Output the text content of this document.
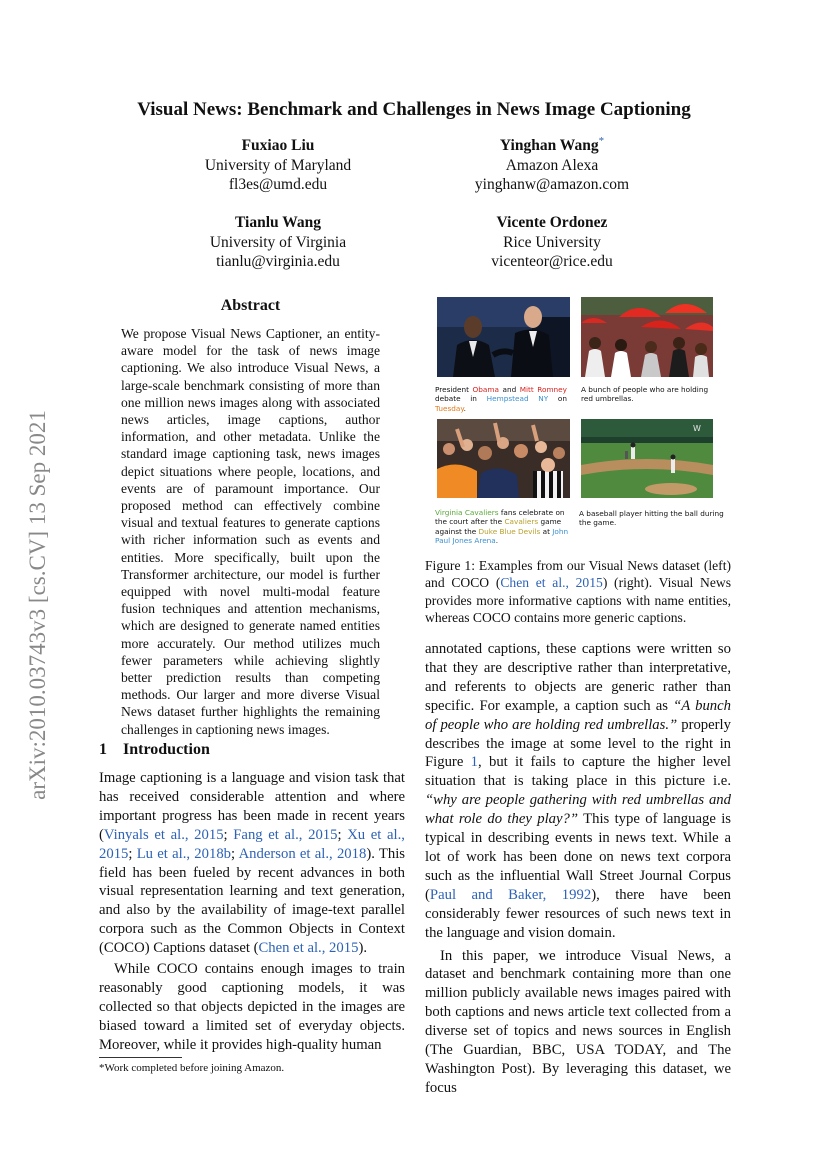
Visual News: Benchmark and Challenges in News Image Captioning
Fuxiao Liu
University of Maryland
fl3es@umd.edu
Yinghan Wang*
Amazon Alexa
yinghanw@amazon.com
Tianlu Wang
University of Virginia
tianlu@virginia.edu
Vicente Ordonez
Rice University
vicenteor@rice.edu
arXiv:2010.03743v3 [cs.CV] 13 Sep 2021
Abstract
We propose Visual News Captioner, an entity-aware model for the task of news image captioning. We also introduce Visual News, a large-scale benchmark consisting of more than one million news images along with associated news articles, image captions, author information, and other metadata. Unlike the standard image captioning task, news images depict situations where people, locations, and events are of paramount importance. Our proposed method can effectively combine visual and textual features to generate captions with richer information such as events and entities. More specifically, built upon the Transformer architecture, our model is further equipped with novel multi-modal feature fusion techniques and attention mechanisms, which are designed to generate named entities more accurately. Our method utilizes much fewer parameters while achieving slightly better prediction results than competing methods. Our larger and more diverse Visual News dataset further highlights the remaining challenges in captioning news images.
1 Introduction

Image captioning is a language and vision task that has received considerable attention and where important progress has been made in recent years (Vinyals et al., 2015; Fang et al., 2015; Xu et al., 2015; Lu et al., 2018b; Anderson et al., 2018). This field has been fueled by recent advances in both visual representation learning and text generation, and also by the availability of image-text parallel corpora such as the Common Objects in Context (COCO) Captions dataset (Chen et al., 2015).

While COCO contains enough images to train reasonably good captioning models, it was collected so that objects depicted in the images are biased toward a limited set of everyday objects. Moreover, while it provides high-quality human

*Work completed before joining Amazon.
W
President Obama and Mitt Romney debate in Hempstead NY on Tuesday.
A bunch of people who are holding red umbrellas.
Virginia Cavaliers fans celebrate on the court after the Cavaliers game against the Duke Blue Devils at John Paul Jones Arena.
A baseball player hitting the ball during the game.
Figure 1: Examples from our Visual News dataset (left) and COCO (Chen et al., 2015) (right). Visual News provides more informative captions with name entities, whereas COCO contains more generic captions.

annotated captions, these captions were written so that they are descriptive rather than interpretative, and referents to objects are generic rather than specific. For example, a caption such as “A bunch of people who are holding red umbrellas.” properly describes the image at some level to the right in Figure 1, but it fails to capture the higher level situation that is taking place in this picture i.e. “why are people gathering with red umbrellas and what role do they play?” This type of language is typical in describing events in news text. While a lot of work has been done on news text corpora such as the influential Wall Street Journal Corpus (Paul and Baker, 1992), there have been considerably fewer resources of such news text in the language and vision domain.

In this paper, we introduce Visual News, a dataset and benchmark containing more than one million publicly available news images paired with both captions and news article text collected from a diverse set of topics and news sources in English (The Guardian, BBC, USA TODAY, and The Washington Post). By leveraging this dataset, we focus
